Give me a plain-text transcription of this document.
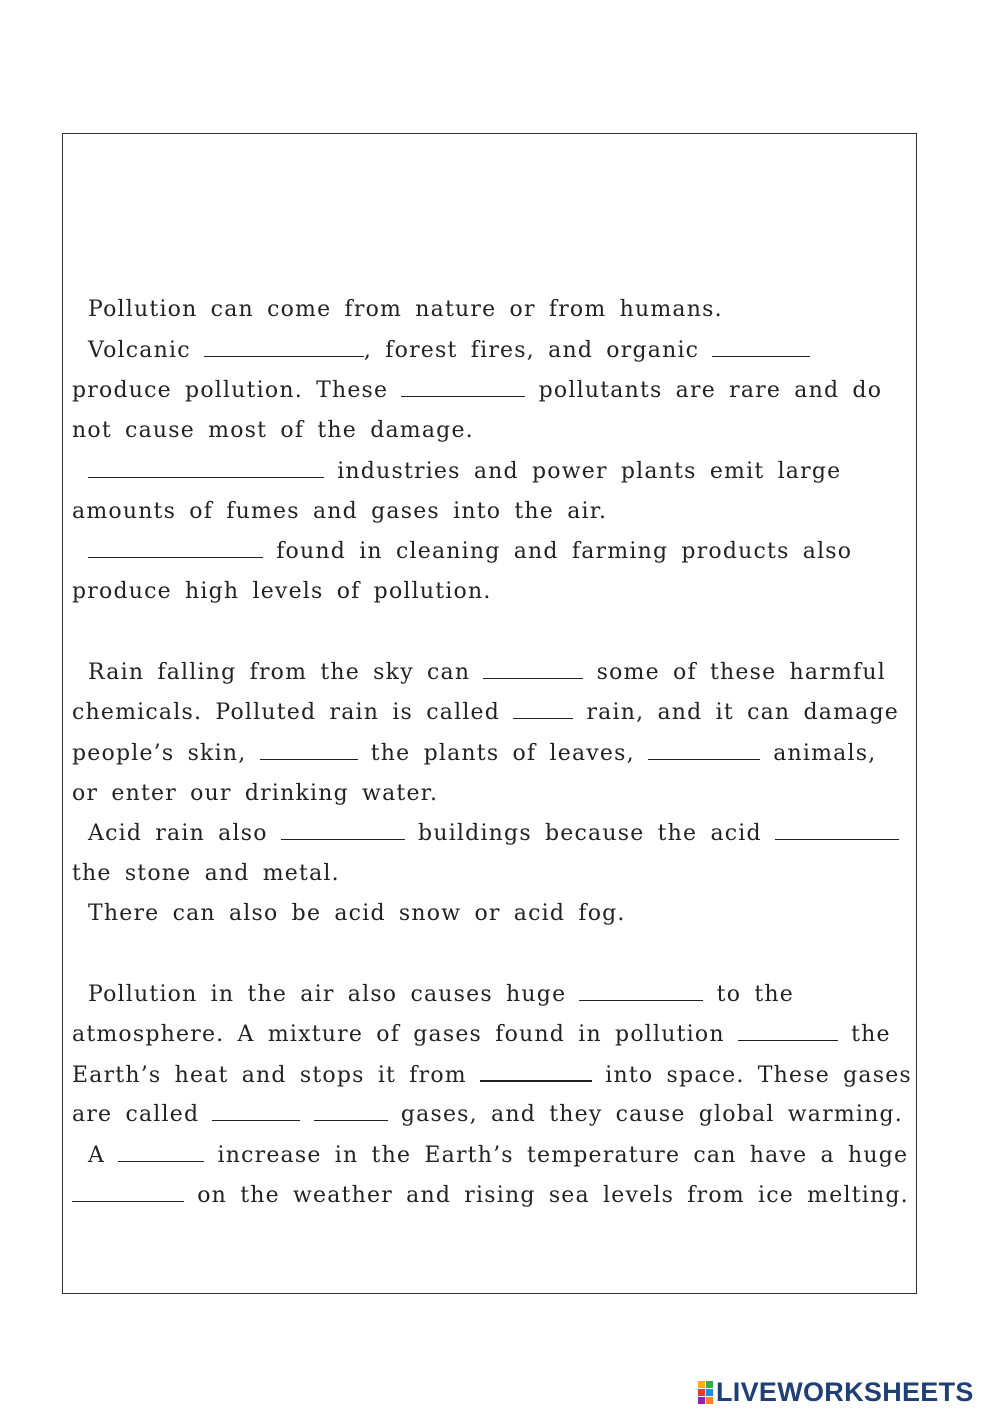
Pollution can come from nature or from humans.
Volcanic	, forest fires, and organic
produce pollution. These	pollutants are rare and do
not cause most of the damage.
industries and power plants emit large
amounts of fumes and gases into the air.
found in cleaning and farming products also
produce high levels of pollution.
Rain falling from the sky can	some of these harmful
chemicals. Polluted rain is called	rain, and it can damage
people’s skin,	the plants of leaves,	animals,
or enter our drinking water.
Acid rain also	buildings because the acid
the stone and metal.
There can also be acid snow or acid fog.
Pollution in the air also causes huge	to the
atmosphere. A mixture of gases found in pollution	the
Earth’s heat and stops it from	into space. These gases
are called	gases, and they cause global warming.
A	increase in the Earth’s temperature can have a huge
on the weather and rising sea levels from ice melting.
LIVEWORKSHEETS
